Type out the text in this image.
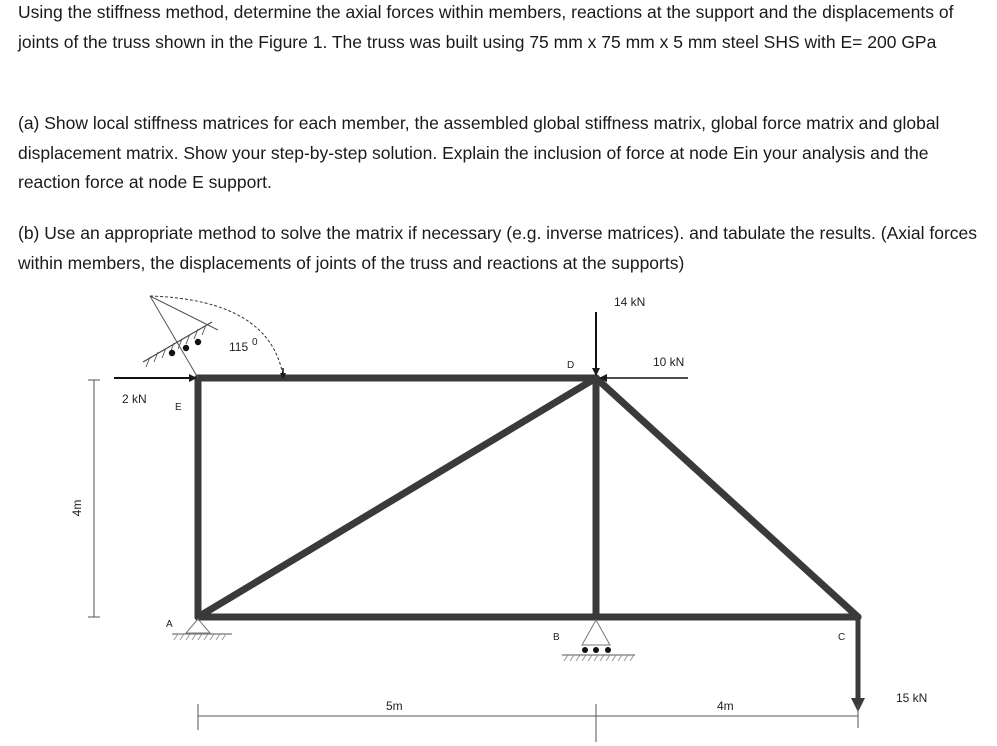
Using the stiffness method, determine the axial forces within members, reactions at the support and the displacements of joints of the truss shown in the Figure 1. The truss was built using 75 mm x 75 mm x 5 mm steel SHS with E= 200 GPa

(a) Show local stiffness matrices for each member, the assembled global stiffness matrix, global force matrix and global displacement matrix. Show your step-by-step solution. Explain the inclusion of force at node Ein your analysis and the reaction force at node E support.

(b) Use an appropriate method to solve the matrix if necessary (e.g. inverse matrices). and tabulate the results. (Axial forces within members, the displacements of joints of the truss and reactions at the supports)

115 0
14 kN
10 kN
2 kN
15 kN
E
A
B	C
D
4m
5m	4m
